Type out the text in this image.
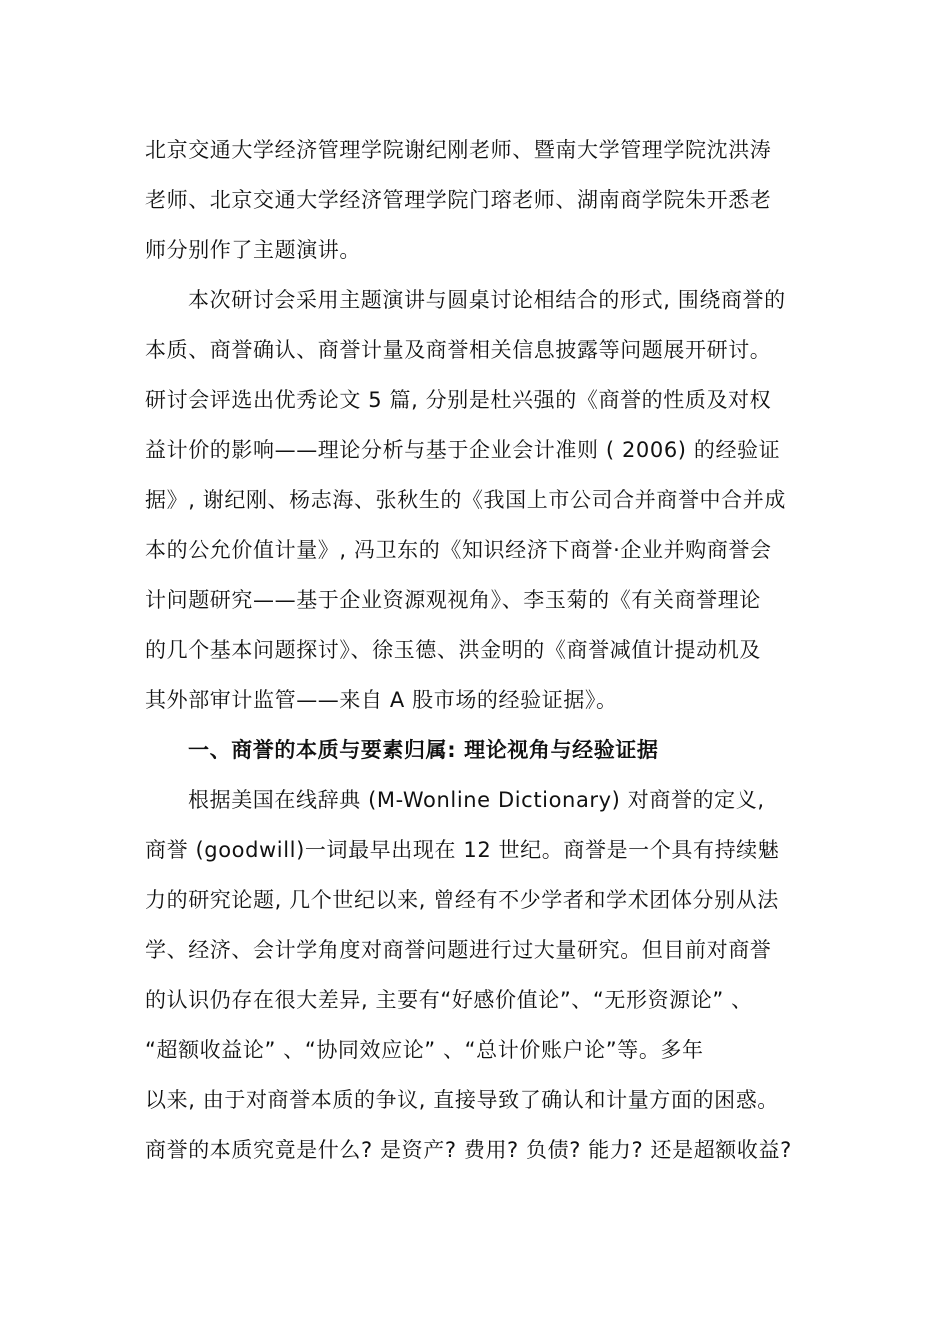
北京交通大学经济管理学院谢纪刚老师、暨南大学管理学院沈洪涛
老师、北京交通大学经济管理学院门瑢老师、湖南商学院朱开悉老
师分别作了主题演讲。
本次研讨会采用主题演讲与圆桌讨论相结合的形式, 围绕商誉的
本质、商誉确认、商誉计量及商誉相关信息披露等问题展开研讨。
研讨会评选出优秀论文 5 篇, 分别是杜兴强的《商誉的性质及对权
益计价的影响——理论分析与基于企业会计准则 ( 2006) 的经验证
据》, 谢纪刚、杨志海、张秋生的《我国上市公司合并商誉中合并成
本的公允价值计量》, 冯卫东的《知识经济下商誉·企业并购商誉会
计问题研究——基于企业资源观视角》、李玉菊的《有关商誉理论
的几个基本问题探讨》、徐玉德、洪金明的《商誉减值计提动机及
其外部审计监管——来自 A 股市场的经验证据》。
一、商誉的本质与要素归属: 理论视角与经验证据
根据美国在线辞典 (M-Wonline Dictionary) 对商誉的定义,
商誉 (goodwill)一词最早出现在 12 世纪。商誉是一个具有持续魅
力的研究论题, 几个世纪以来, 曾经有不少学者和学术团体分别从法
学、经济、会计学角度对商誉问题进行过大量研究。但目前对商誉
的认识仍存在很大差异, 主要有“好感价值论”、“无形资源论” 、
“超额收益论” 、“协同效应论” 、“总计价账户论”等。多年
以来, 由于对商誉本质的争议, 直接导致了确认和计量方面的困惑。
商誉的本质究竟是什么? 是资产? 费用? 负债? 能力? 还是超额收益?
